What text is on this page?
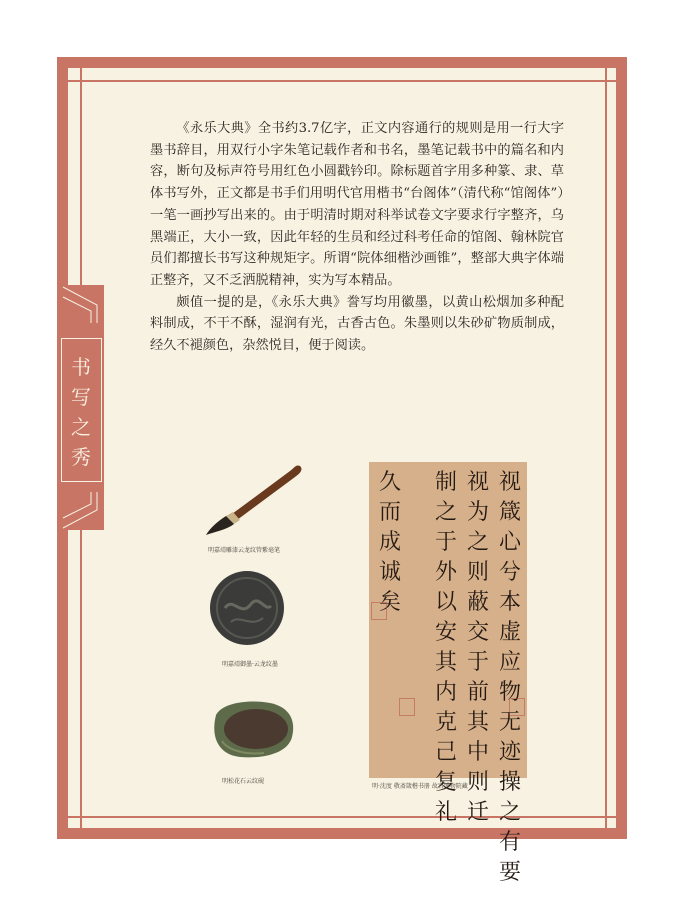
书
写
之
秀

《永乐大典》全书约3.7亿字，正文内容通行的规则是用一行大字墨书辞目，用双行小字朱笔记载作者和书名，墨笔记载书中的篇名和内容，断句及标声符号用红色小圆戳钤印。除标题首字用多种篆、隶、草体书写外，正文都是书手们用明代官用楷书“台阁体”（清代称“馆阁体”）一笔一画抄写出来的。由于明清时期对科举试卷文字要求行字整齐，乌黑端正，大小一致，因此年轻的生员和经过科考任命的馆阁、翰林院官员们都擅长书写这种规矩字。所谓“院体细楷沙画锥”，整部大典字体端正整齐，又不乏洒脱精神，实为写本精品。

颇值一提的是，《永乐大典》誊写均用徽墨，以黄山松烟加多种配料制成，不干不酥，湿润有光，古香古色。朱墨则以朱砂矿物质制成，经久不褪颜色，杂然悦目，便于阅读。

明嘉靖雕漆云龙纹管紫毫笔
明嘉靖御墨·云龙纹墨
明松花石云纹砚
视
箴
心
兮
本
虚
应
物
无
迹
操
之
有
要
视
为
之
则
蔽
交
于
前
其
中
则
迁
制
之
于
外
以
安
其
内
克
己
复
礼
久
而
成
诚
矣
明·沈度 敬斋箴楷书册 故宫博物院藏
